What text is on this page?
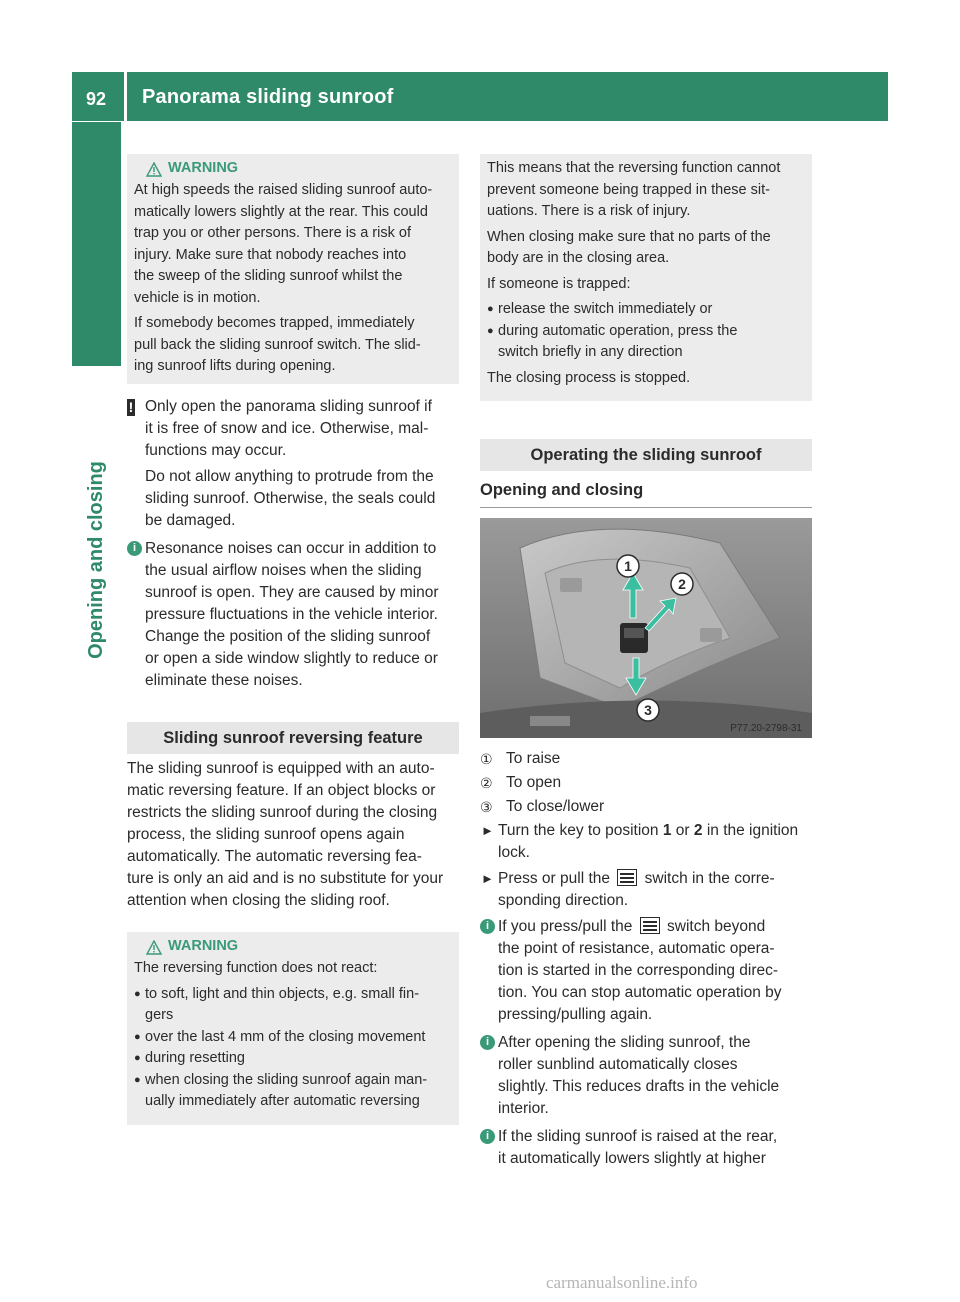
92 Panorama sliding sunroof
Opening and closing
WARNING

At high speeds the raised sliding sunroof auto-
matically lowers slightly at the rear. This could
trap you or other persons. There is a risk of
injury. Make sure that nobody reaches into
the sweep of the sliding sunroof whilst the
vehicle is in motion.

If somebody becomes trapped, immediately
pull back the sliding sunroof switch. The slid-
ing sunroof lifts during opening.

! Only open the panorama sliding sunroof if
it is free of snow and ice. Otherwise, mal-
functions may occur.

Do not allow anything to protrude from the
sliding sunroof. Otherwise, the seals could
be damaged.

i Resonance noises can occur in addition to
the usual airflow noises when the sliding
sunroof is open. They are caused by minor
pressure fluctuations in the vehicle interior.
Change the position of the sliding sunroof
or open a side window slightly to reduce or
eliminate these noises.

Sliding sunroof reversing feature

The sliding sunroof is equipped with an auto-
matic reversing feature. If an object blocks or
restricts the sliding sunroof during the closing
process, the sliding sunroof opens again
automatically. The automatic reversing fea-
ture is only an aid and is no substitute for your
attention when closing the sliding roof.

WARNING

The reversing function does not react:

● to soft, light and thin objects, e.g. small fin-
gers
● over the last 4 mm of the closing movement
● during resetting
● when closing the sliding sunroof again man-
ually immediately after automatic reversing

This means that the reversing function cannot
prevent someone being trapped in these sit-
uations. There is a risk of injury.

When closing make sure that no parts of the
body are in the closing area.

If someone is trapped:

● release the switch immediately or
● during automatic operation, press the
switch briefly in any direction

The closing process is stopped.

Operating the sliding sunroof
Opening and closing
1
2
3
P77.20-2798-31
① To raise
② To open
③ To close/lower
► Turn the key to position 1 or 2 in the ignition
lock.
► Press or pull the
switch in the corre-
sponding direction.
i If you press/pull the
switch beyond
the point of resistance, automatic opera-
tion is started in the corresponding direc-
tion. You can stop automatic operation by
pressing/pulling again.
i After opening the sliding sunroof, the
roller sunblind automatically closes
slightly. This reduces drafts in the vehicle
interior.
i If the sliding sunroof is raised at the rear,
it automatically lowers slightly at higher
carmanualsonline.info
